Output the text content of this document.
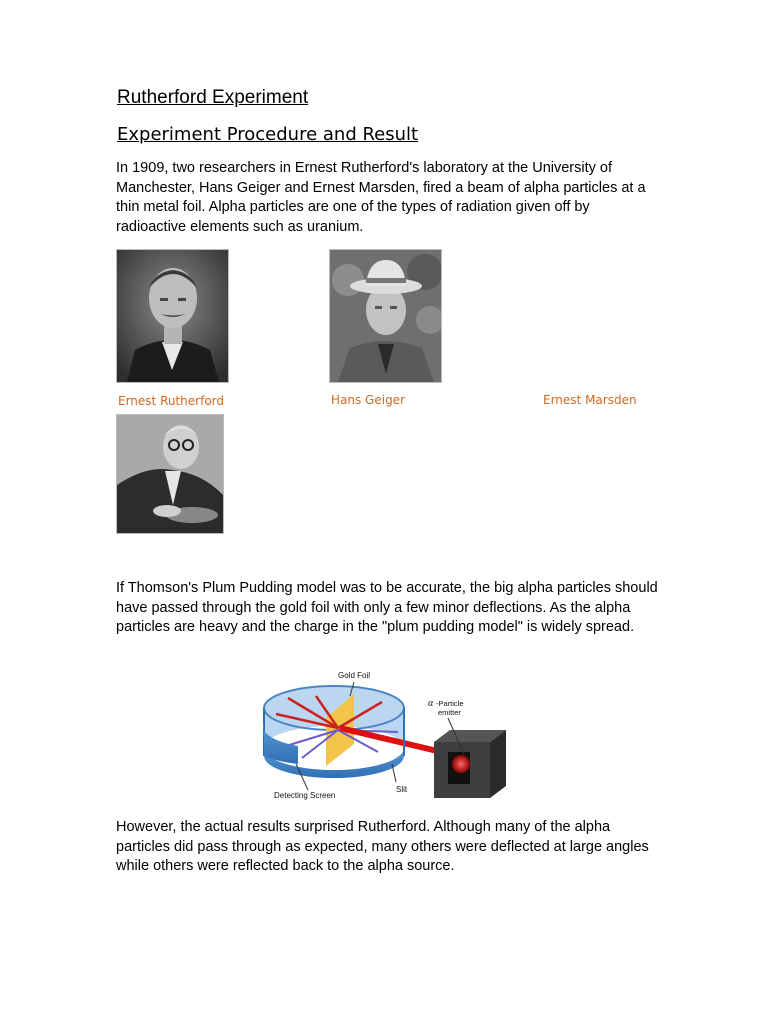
Rutherford Experiment
Experiment Procedure and Result
In 1909, two researchers in Ernest Rutherford's laboratory at the University of Manchester, Hans Geiger and Ernest Marsden, fired a beam of alpha particles at a thin metal foil. Alpha particles are one of the types of radiation given off by radioactive elements such as uranium.
Ernest Rutherford	Hans Geiger	Ernest Marsden
If Thomson's Plum Pudding model was to be accurate, the big alpha particles should have passed through the gold foil with only a few minor deflections. As the alpha particles are heavy and the charge in the "plum pudding model" is widely spread.
Gold Foil
α -Particle
emitter
Detecting Screen
Slit
However, the actual results surprised Rutherford. Although many of the alpha particles did pass through as expected, many others were deflected at large angles while others were reflected back to the alpha source.
